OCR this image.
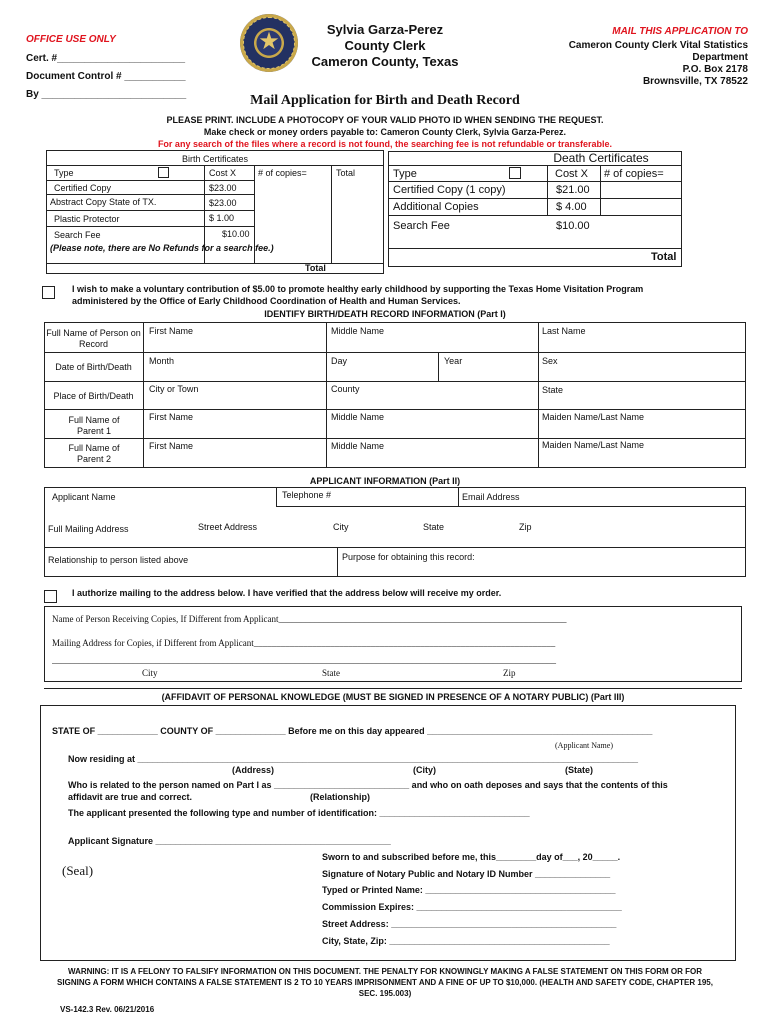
OFFICE USE ONLY
Cert. #_______________________
Document Control # ___________
By __________________________
★	Sylvia Garza-Perez
County Clerk
Cameron County, Texas
MAIL THIS APPLICATION TO
Cameron County Clerk Vital Statistics
Department
P.O. Box 2178
Brownsville, TX 78522
Mail Application for Birth and Death Record
PLEASE PRINT. INCLUDE A PHOTOCOPY OF YOUR VALID PHOTO ID WHEN SENDING THE REQUEST.
Make check or money orders payable to: Cameron County Clerk, Sylvia Garza-Perez.
For any search of the files where a record is not found, the searching fee is not refundable or transferable.
Birth Certificates
Type	Cost X # of copies=	Total
Certified Copy	$23.00
Abstract Copy State of TX.	$23.00
Plastic Protector	$ 1.00
Search Fee	$10.00
(Please note, there are No Refunds for a search fee.)
Total
Death Certificates
Type	Cost X # of copies=
Certified Copy (1 copy)	$21.00
Additional Copies	$ 4.00
Search Fee	$10.00
Total
I wish to make a voluntary contribution of $5.00 to promote healthy early childhood by supporting the Texas Home Visitation Program administered by the Office of Early Childhood Coordination of Health and Human Services.
IDENTIFY BIRTH/DEATH RECORD INFORMATION (Part I)
Full Name of Person on Record
First Name	Middle Name	Last Name
Date of Birth/Death
Month	Day	Year	Sex
Place of Birth/Death
City or Town	County	State
Full Name of Parent 1
First Name	Middle Name	Maiden Name/Last Name
Full Name of Parent 2
First Name	Middle Name	Maiden Name/Last Name
APPLICANT INFORMATION (Part II)
Applicant Name	Telephone #	Email Address
Full Mailing Address	Street Address	City	State	Zip
Relationship to person listed above	Purpose for obtaining this record:
I authorize mailing to the address below. I have verified that the address below will receive my order.
Name of Person Receiving Copies, If Different from Applicant________________________________________________________________
Mailing Address for Copies, if Different from Applicant___________________________________________________________________
________________________________________________________________________________________________________________
City	State	Zip
(AFFIDAVIT OF PERSONAL KNOWLEDGE (MUST BE SIGNED IN PRESENCE OF A NOTARY PUBLIC) (Part III)
STATE OF ____________ COUNTY OF ______________ Before me on this day appeared _____________________________________________
(Applicant Name)
Now residing at ____________________________________________________________________________________________________
(Address)	(City)	(State)
Who is related to the person named on Part I as ___________________________ and who on oath deposes and says that the contents of this
affidavit are true and correct.	(Relationship)
The applicant presented the following type and number of identification: ______________________________
Applicant Signature _______________________________________________
Sworn to and subscribed before me, this________day of___, 20_____.
(Seal)	Signature of Notary Public and Notary ID Number _______________
Typed or Printed Name: ______________________________________
Commission Expires: _________________________________________
Street Address: _____________________________________________
City, State, Zip: ____________________________________________
WARNING: IT IS A FELONY TO FALSIFY INFORMATION ON THIS DOCUMENT. THE PENALTY FOR KNOWINGLY MAKING A FALSE STATEMENT ON THIS FORM OR FOR SIGNING A FORM WHICH CONTAINS A FALSE STATEMENT IS 2 TO 10 YEARS IMPRISONMENT AND A FINE OF UP TO $10,000. (HEALTH AND SAFETY CODE, CHAPTER 195, SEC. 195.003)
VS-142.3 Rev. 06/21/2016
